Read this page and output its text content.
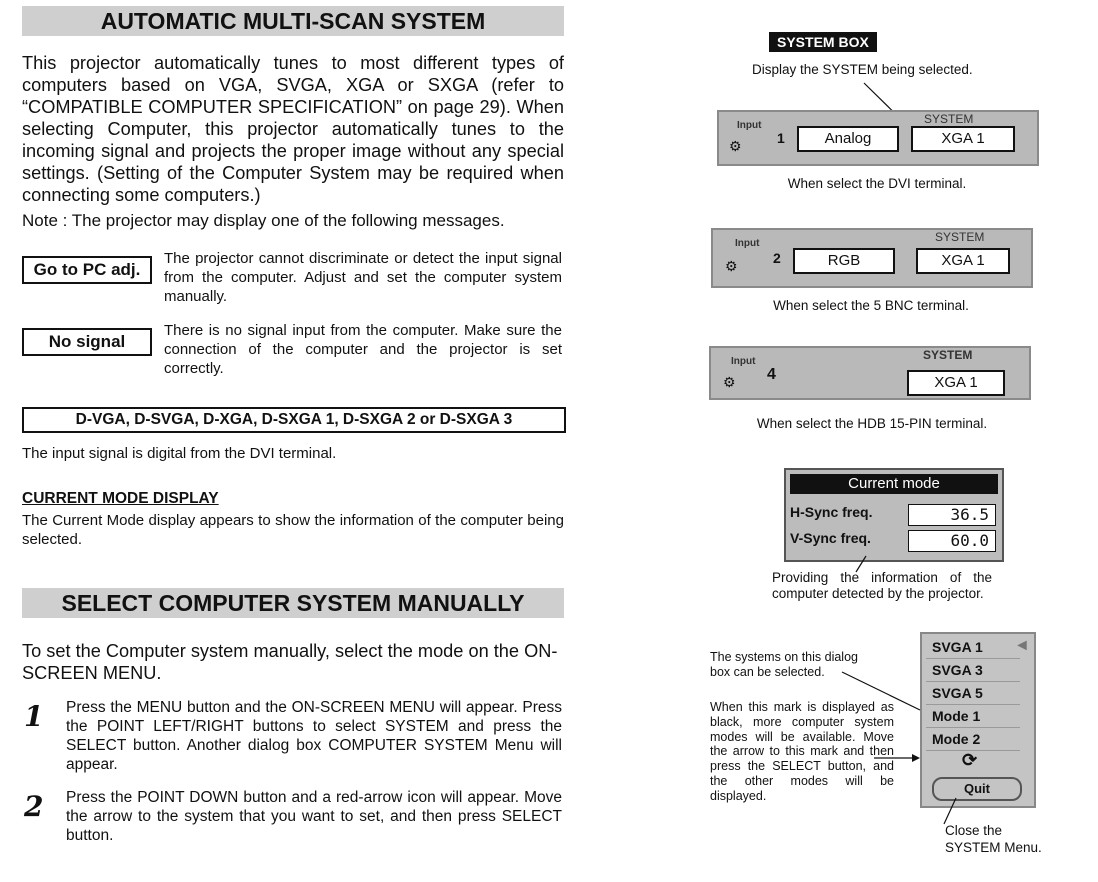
AUTOMATIC MULTI-SCAN SYSTEM
This projector automatically tunes to most different types of computers based on VGA, SVGA, XGA or SXGA (refer to “COMPATIBLE COMPUTER SPECIFICATION” on page 29). When selecting Computer, this projector automatically tunes to the incoming signal and projects the proper image without any special settings. (Setting of the Computer System may be required when connecting some computers.)
Note : The projector may display one of the following messages.
Go to PC adj.
The projector cannot discriminate or detect the input signal from the computer. Adjust and set the computer system manually.
No signal
There is no signal input from the computer. Make sure the connection of the computer and the projector is set correctly.
D-VGA, D-SVGA, D-XGA, D-SXGA 1, D-SXGA 2 or D-SXGA 3
The input signal is digital from the DVI terminal.
CURRENT MODE DISPLAY
The Current Mode display appears to show the information of the computer being selected.
SELECT COMPUTER SYSTEM MANUALLY
To set the Computer system manually, select the mode on the ON-SCREEN MENU.
1 Press the MENU button and the ON-SCREEN MENU will appear. Press the POINT LEFT/RIGHT buttons to select SYSTEM and press the SELECT button. Another dialog box COMPUTER SYSTEM Menu will appear.
2 Press the POINT DOWN button and a red-arrow icon will appear. Move the arrow to the system that you want to set, and then press SELECT button.
SYSTEM BOX
Display the SYSTEM being selected.
Input
⚙	1
SYSTEM
Analog	XGA 1
When select the DVI terminal.
Input
⚙	2
SYSTEM
RGB	XGA 1
When select the 5 BNC terminal.
Input
⚙ 4
SYSTEM
XGA 1
When select the HDB 15-PIN terminal.
Current mode
H-Sync freq.	36.5
V-Sync freq.	60.0
Providing the information of the computer detected by the projector.
SVGA 1	◄
SVGA 3
SVGA 5
Mode 1
Mode 2
⟳
Quit
The systems on this dialog box can be selected.
When this mark is displayed as black, more computer system modes will be available. Move the arrow to this mark and then press the SELECT button, and the other modes will be displayed.
Close the SYSTEM Menu.
